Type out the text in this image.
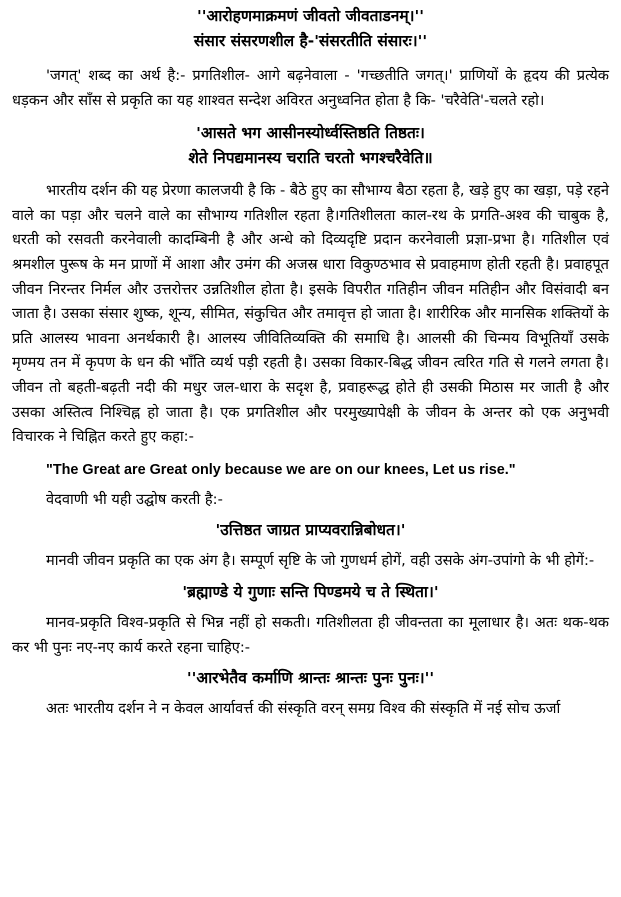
''आरोहणमाक्रमणं जीवतो जीवताडनम्।''

संसार संसरणशील है-'संसरतीति संसारः।''

'जगत्' शब्द का अर्थ है:- प्रगतिशील- आगे बढ़नेवाला - 'गच्छतीति जगत्।' प्राणियों के हृदय की प्रत्येक धड़कन और साँस से प्रकृति का यह शाश्वत सन्देश अविरत अनुध्वनित होता है कि- 'चरैवेति'-चलते रहो।

'आसते भग आसीनस्योर्ध्वस्तिष्ठति तिष्ठतः।

शेते निपद्यमानस्य चराति चरतो भगश्चरैवेति॥

भारतीय दर्शन की यह प्रेरणा कालजयी है कि - बैठे हुए का सौभाग्य बैठा रहता है, खड़े हुए का खड़ा, पड़े रहने वाले का पड़ा और चलने वाले का सौभाग्य गतिशील रहता है।गतिशीलता काल-रथ के प्रगति-अश्व की चाबुक है, धरती को रसवती करनेवाली कादम्बिनी है और अन्धे को दिव्यदृष्टि प्रदान करनेवाली प्रज्ञा-प्रभा है। गतिशील एवं श्रमशील पुरूष के मन प्राणों में आशा और उमंग की अजस्र धारा विकुण्ठभाव से प्रवाहमाण होती रहती है। प्रवाहपूत जीवन निरन्तर निर्मल और उत्तरोत्तर उन्नतिशील होता है। इसके विपरीत गतिहीन जीवन मतिहीन और विसंवादी बन जाता है। उसका संसार शुष्क, शून्य, सीमित, संकुचित और तमावृत्त हो जाता है। शारीरिक और मानसिक शक्तियों के प्रति आलस्य भावना अनर्थकारी है। आलस्य जीवितिव्यक्ति की समाधि है। आलसी की चिन्मय विभूतियाँ उसके मृण्मय तन में कृपण के धन की भाँति व्यर्थ पड़ी रहती है। उसका विकार-बिद्ध जीवन त्वरित गति से गलने लगता है। जीवन तो बहती-बढ़ती नदी की मधुर जल-धारा के सदृश है, प्रवाहरूद्ध होते ही उसकी मिठास मर जाती है और उसका अस्तित्व निश्चिह्न हो जाता है। एक प्रगतिशील और परमुख्यापेक्षी के जीवन के अन्तर को एक अनुभवी विचारक ने चिह्नित करते हुए कहा:-

"The Great are Great only because we are on our knees, Let us rise."

वेदवाणी भी यही उद्घोष करती है:-

'उत्तिष्ठत जाग्रत प्राप्यवरान्निबोधत।'

मानवी जीवन प्रकृति का एक अंग है। सम्पूर्ण सृष्टि के जो गुणधर्म होगें, वही उसके अंग-उपांगो के भी होगें:-

'ब्रह्माण्डे ये गुणाः सन्ति पिण्डमये च ते स्थिता।'

मानव-प्रकृति विश्व-प्रकृति से भिन्न नहीं हो सकती। गतिशीलता ही जीवन्तता का मूलाधार है। अतः थक-थक कर भी पुनः नए-नए कार्य करते रहना चाहिए:-

''आरभेतैव कर्माणि श्रान्तः श्रान्तः पुनः पुनः।''

अतः भारतीय दर्शन ने न केवल आर्यावर्त्त की संस्कृति वरन् समग्र विश्व की संस्कृति में नई सोच ऊर्जा
